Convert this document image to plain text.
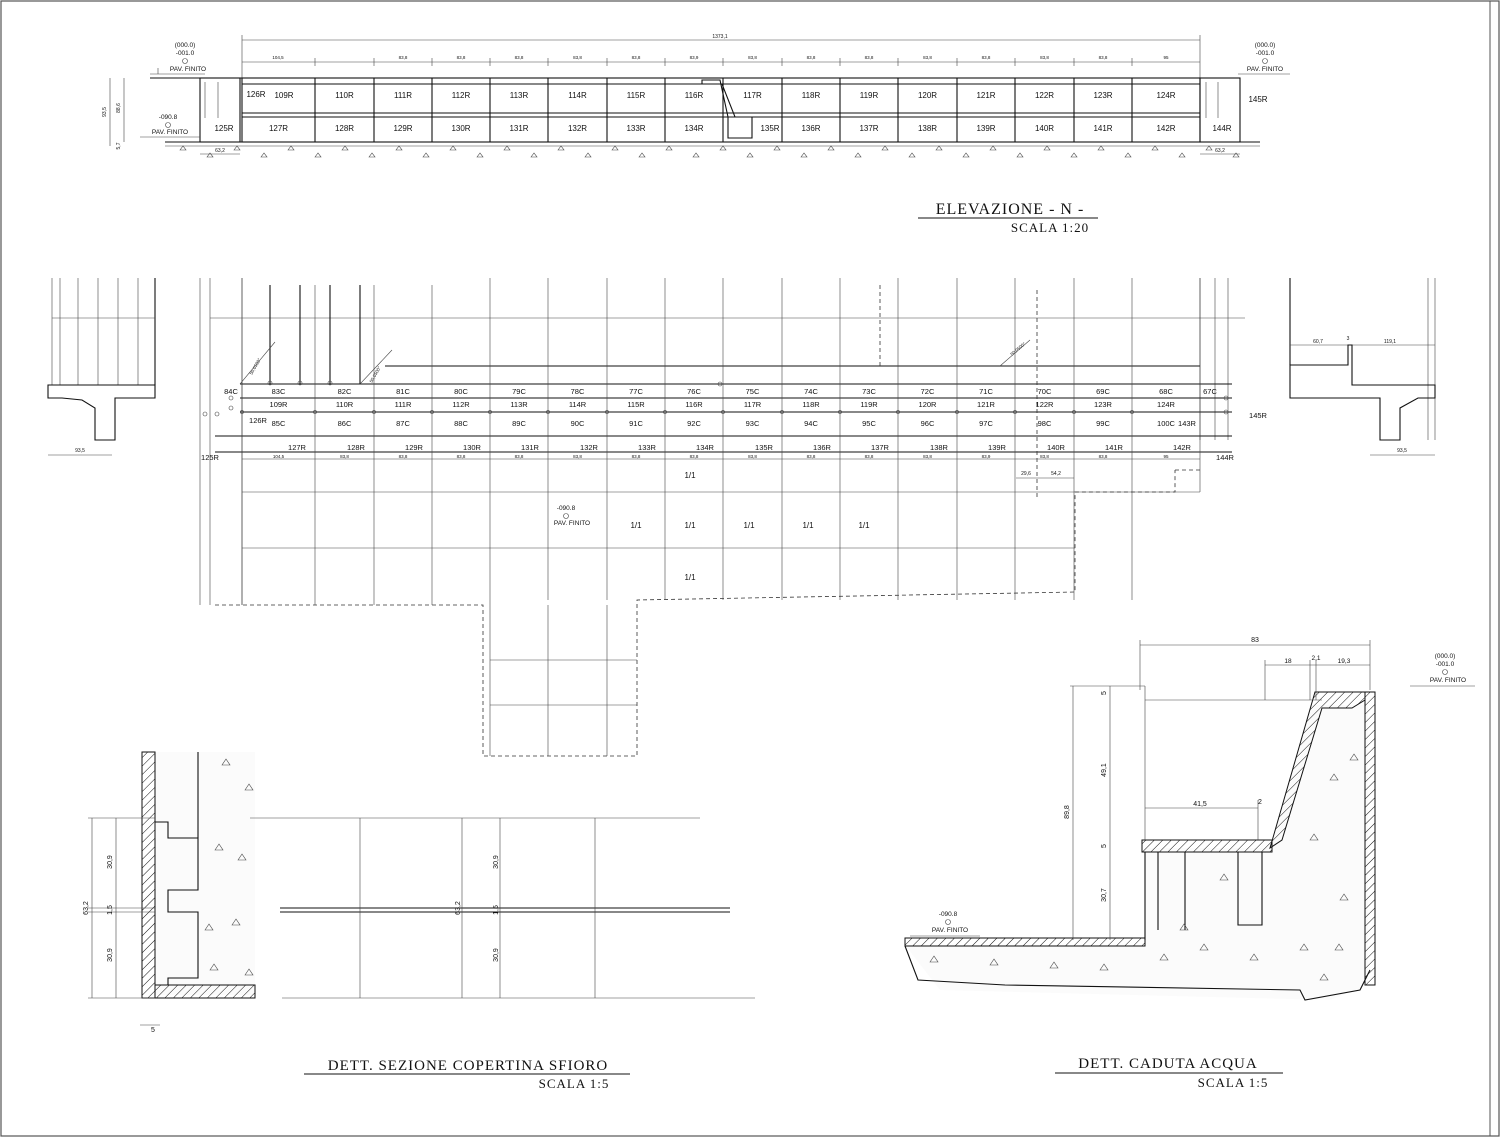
1373,1
104,5	83,8	83,8	83,8	83,8	83,8	83,9	83,8	83,8	83,8	83,8	83,8	83,8	83,8	95
109R	110R	111R	112R	113R	114R	115R	116R	117R	118R	119R	120R	121R	122R	123R	124R
127R	128R	129R	130R	131R	132R	133R	134R	135R	136R	137R	138R	139R	140R	141R	142R
126R
125R	144R
145R
(000.0)
-001.0
PAV. FINITO
(000.0)
-001.0
PAV. FINITO
-090.8
PAV. FINITO
93,5 88,6
5,7
63,2	63,2
ELEVAZIONE - N -
SCALA 1:20
93,5
84C	83C	82C	81C	80C	79C	78C	77C	76C	75C	74C	73C	72C	71C	70C	69C	68C	67C
109R	110R	111R	112R	113R	114R	115R	116R	117R	118R	119R	120R	121R	122R	123R	124R
85C	86C	87C	88C	89C	90C	91C	92C	93C	94C	95C	96C	97C	98C	99C	100C
127R	128R	129R	130R	131R	132R	133R	134R	135R	136R	137R	138R	139R	140R	141R	142R
104,5	83,8	83,8	83,8	83,8	83,8	83,8	83,8	83,8	83,8	83,8	83,8	83,9	83,8	83,8	95
126R
125R
143R
144R
145R
50,0500°	50,0500°
50,0500°
29,6	54,2
1/1
1/1	1/1	1/1	1/1	1/1
1/1
-090.8
PAV. FINITO
60,7	3	119,1
93,5
63,2
30,9
1,5
30,9
5
63,2
30,9
1,5
30,9
DETT. SEZIONE COPERTINA SFIORO
SCALA 1:5
41,5	2
83
18	2,1	19,3
89,8
5
49,1
5
30,7
(000.0)
-001.0
PAV. FINITO
-090.8
PAV. FINITO
DETT. CADUTA ACQUA
SCALA 1:5
